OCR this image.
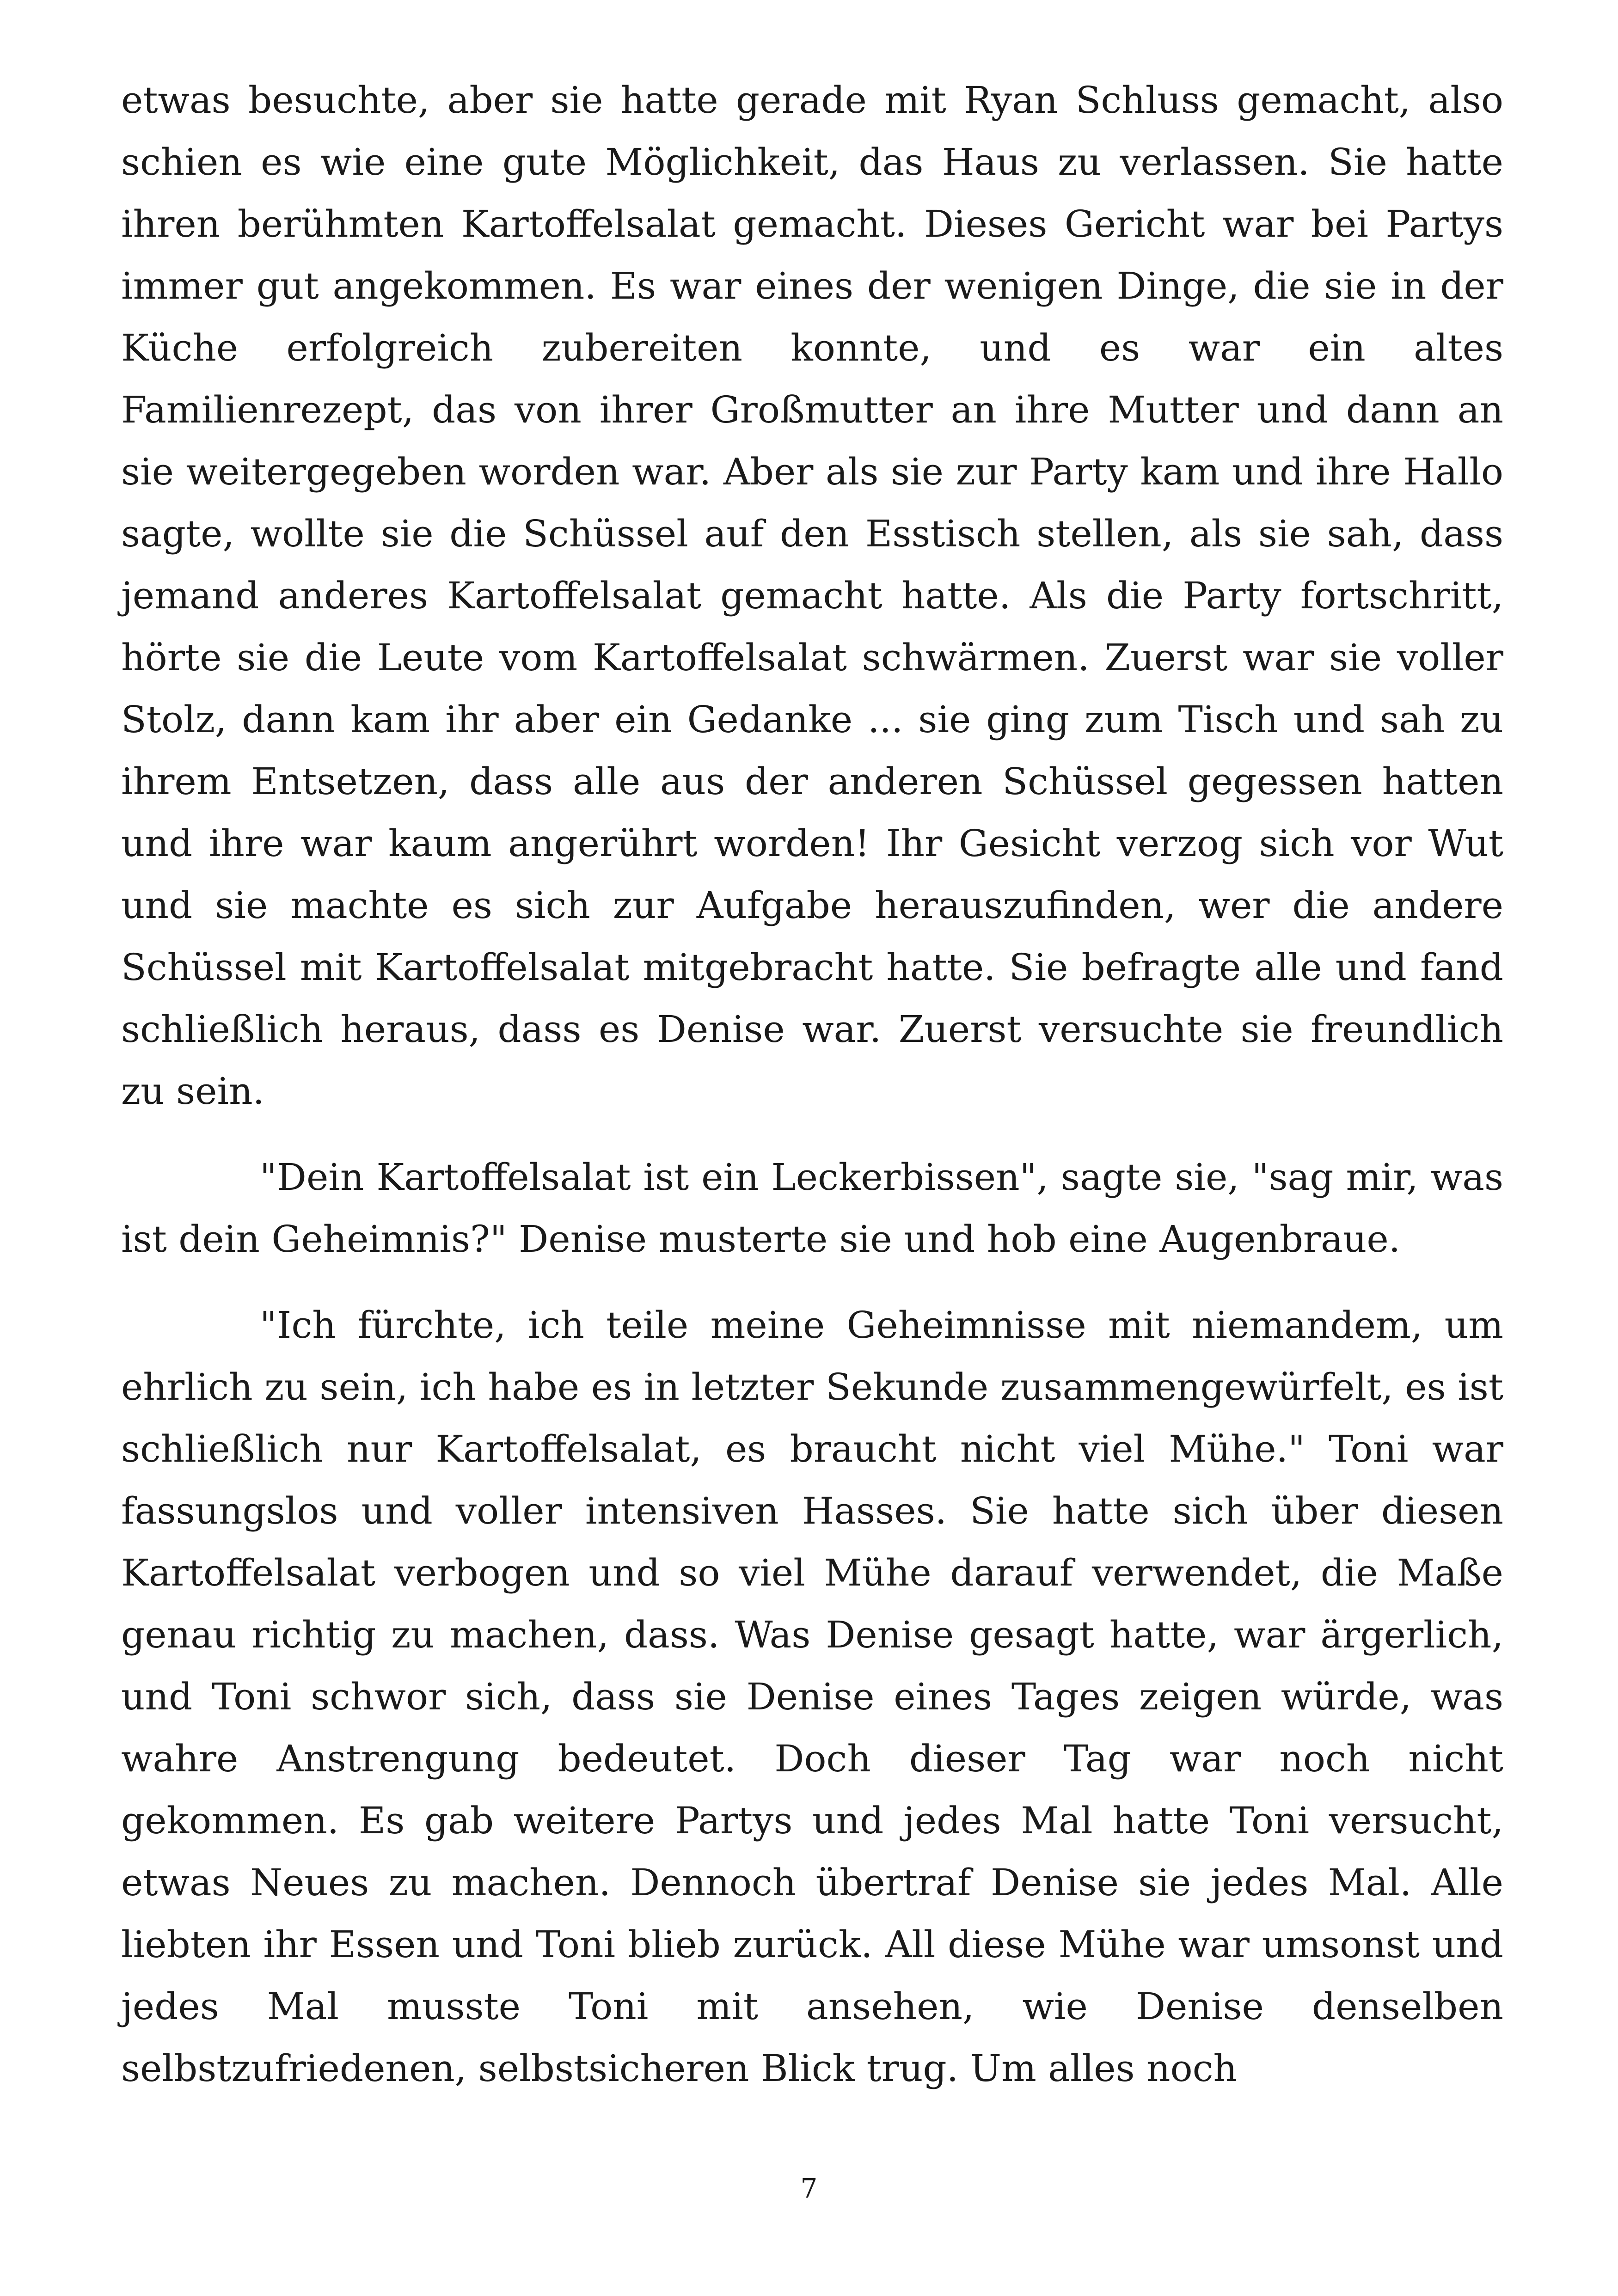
etwas besuchte, aber sie hatte gerade mit Ryan Schluss gemacht, also schien es wie eine gute Möglichkeit, das Haus zu verlassen. Sie hatte ihren berühmten Kartoffelsalat gemacht. Dieses Gericht war bei Partys immer gut angekommen. Es war eines der wenigen Dinge, die sie in der Küche erfolgreich zubereiten konnte, und es war ein altes Familienrezept, das von ihrer Großmutter an ihre Mutter und dann an sie weitergegeben worden war. Aber als sie zur Party kam und ihre Hallo sagte, wollte sie die Schüssel auf den Esstisch stellen, als sie sah, dass jemand anderes Kartoffelsalat gemacht hatte. Als die Party fortschritt, hörte sie die Leute vom Kartoffelsalat schwärmen. Zuerst war sie voller Stolz, dann kam ihr aber ein Gedanke ... sie ging zum Tisch und sah zu ihrem Entsetzen, dass alle aus der anderen Schüssel gegessen hatten und ihre war kaum angerührt worden! Ihr Gesicht verzog sich vor Wut und sie machte es sich zur Aufgabe herauszufinden, wer die andere Schüssel mit Kartoffelsalat mitgebracht hatte. Sie befragte alle und fand schließlich heraus, dass es Denise war. Zuerst versuchte sie freundlich zu sein.

"Dein Kartoffelsalat ist ein Leckerbissen", sagte sie, "sag mir, was ist dein Geheimnis?" Denise musterte sie und hob eine Augenbraue.

"Ich fürchte, ich teile meine Geheimnisse mit niemandem, um ehrlich zu sein, ich habe es in letzter Sekunde zusammengewürfelt, es ist schließlich nur Kartoffelsalat, es braucht nicht viel Mühe." Toni war fassungslos und voller intensiven Hasses. Sie hatte sich über diesen Kartoffelsalat verbogen und so viel Mühe darauf verwendet, die Maße genau richtig zu machen, dass. Was Denise gesagt hatte, war ärgerlich, und Toni schwor sich, dass sie Denise eines Tages zeigen würde, was wahre Anstrengung bedeutet. Doch dieser Tag war noch nicht gekommen. Es gab weitere Partys und jedes Mal hatte Toni versucht, etwas Neues zu machen. Dennoch übertraf Denise sie jedes Mal. Alle liebten ihr Essen und Toni blieb zurück. All diese Mühe war umsonst und jedes Mal musste Toni mit ansehen, wie Denise denselben selbstzufriedenen, selbstsicheren Blick trug. Um alles noch

7
